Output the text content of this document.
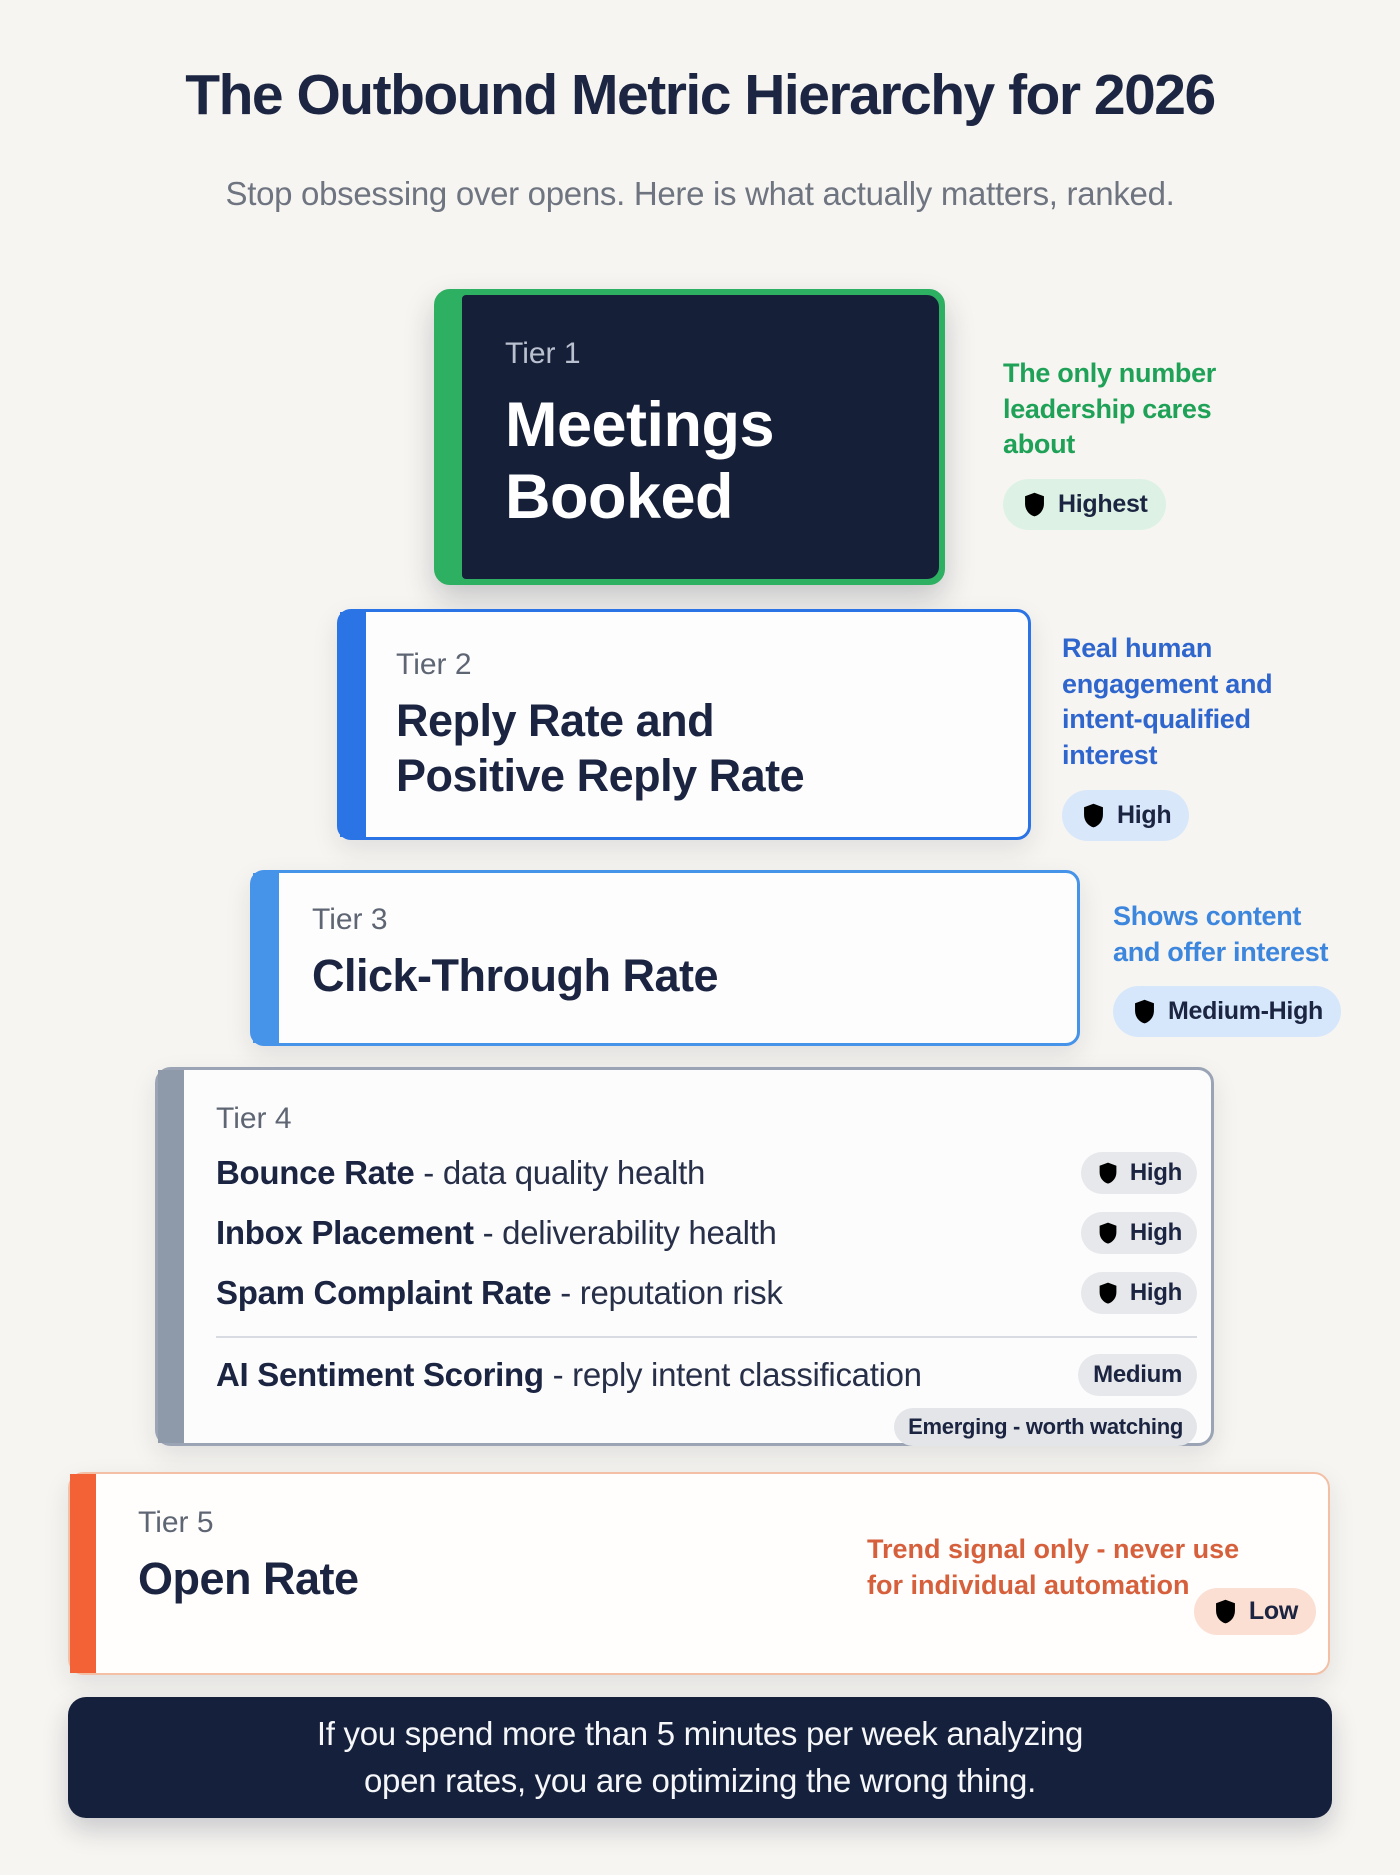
The Outbound Metric Hierarchy for 2026
Stop obsessing over opens. Here is what actually matters, ranked.
Tier 1
Meetings
Booked
The only number
leadership cares
about
Highest
Tier 2
Reply Rate and
Positive Reply Rate
Real human
engagement and
intent-qualified
interest
High
Tier 3
Click-Through Rate
Shows content
and offer interest
Medium-High
Tier 4
Bounce Rate - data quality health	High
Inbox Placement - deliverability health	High
Spam Complaint Rate - reputation risk	High
AI Sentiment Scoring - reply intent classification	Medium
Emerging - worth watching
Tier 5
Open Rate
Trend signal only - never use
for individual automation
Low
If you spend more than 5 minutes per week analyzing
open rates, you are optimizing the wrong thing.
